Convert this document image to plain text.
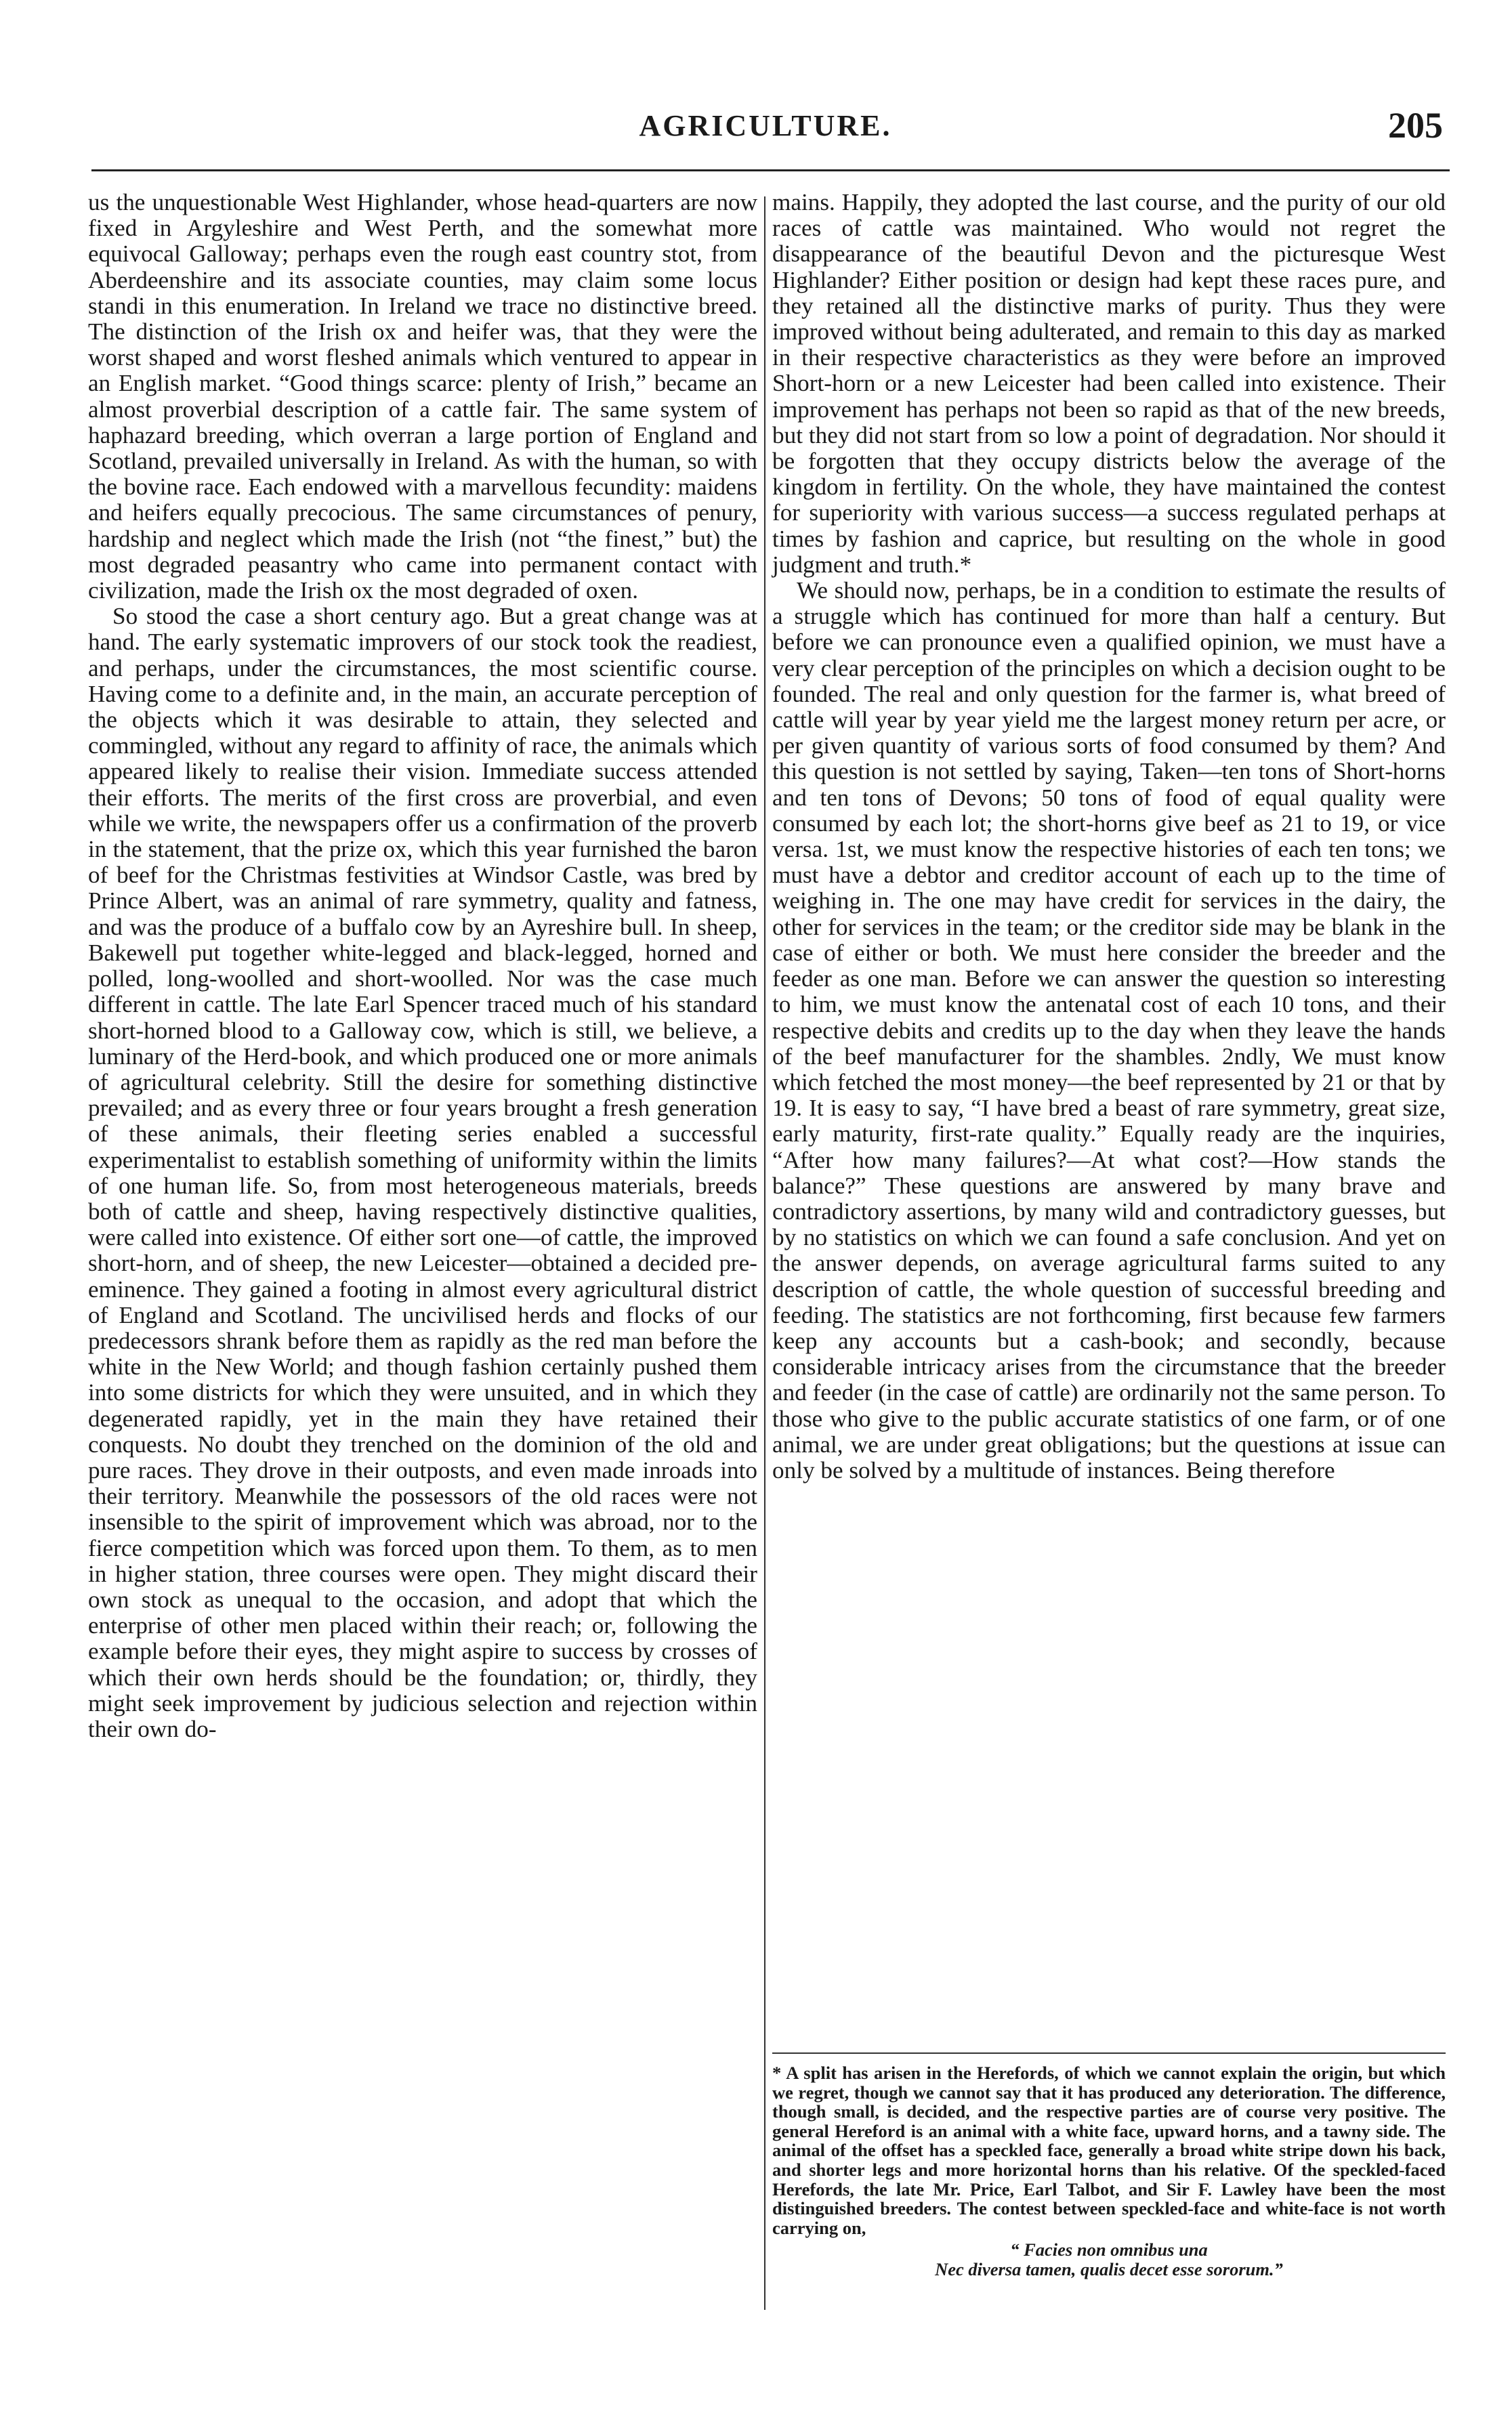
AGRICULTURE.	205

us the unquestionable West Highlander, whose head-quarters are now fixed in Argyleshire and West Perth, and the somewhat more equivocal Galloway; perhaps even the rough east country stot, from Aberdeenshire and its associate counties, may claim some locus standi in this enumeration. In Ireland we trace no distinctive breed. The distinction of the Irish ox and heifer was, that they were the worst shaped and worst fleshed animals which ventured to appear in an English market. “Good things scarce: plenty of Irish,” became an almost proverbial description of a cattle fair. The same system of haphazard breeding, which overran a large portion of England and Scotland, prevailed universally in Ireland. As with the human, so with the bovine race. Each endowed with a marvellous fecundity: maidens and heifers equally precocious. The same circumstances of penury, hardship and neglect which made the Irish (not “the finest,” but) the most degraded peasantry who came into permanent contact with civilization, made the Irish ox the most degraded of oxen.

So stood the case a short century ago. But a great change was at hand. The early systematic improvers of our stock took the readiest, and perhaps, under the circumstances, the most scientific course. Having come to a definite and, in the main, an accurate perception of the objects which it was desirable to attain, they selected and commingled, without any regard to affinity of race, the animals which appeared likely to realise their vision. Immediate success attended their efforts. The merits of the first cross are proverbial, and even while we write, the newspapers offer us a confirmation of the proverb in the statement, that the prize ox, which this year furnished the baron of beef for the Christmas festivities at Windsor Castle, was bred by Prince Albert, was an animal of rare symmetry, quality and fatness, and was the produce of a buffalo cow by an Ayreshire bull. In sheep, Bakewell put together white-legged and black-legged, horned and polled, long-woolled and short-woolled. Nor was the case much different in cattle. The late Earl Spencer traced much of his standard short-horned blood to a Galloway cow, which is still, we believe, a luminary of the Herd-book, and which produced one or more animals of agricultural celebrity. Still the desire for something distinctive prevailed; and as every three or four years brought a fresh generation of these animals, their fleeting series enabled a successful experimentalist to establish something of uniformity within the limits of one human life. So, from most heterogeneous materials, breeds both of cattle and sheep, having respectively distinctive qualities, were called into existence. Of either sort one—of cattle, the improved short-horn, and of sheep, the new Leicester—obtained a decided pre-eminence. They gained a footing in almost every agricultural district of England and Scotland. The uncivilised herds and flocks of our predecessors shrank before them as rapidly as the red man before the white in the New World; and though fashion certainly pushed them into some districts for which they were unsuited, and in which they degenerated rapidly, yet in the main they have retained their conquests. No doubt they trenched on the dominion of the old and pure races. They drove in their outposts, and even made inroads into their territory. Meanwhile the possessors of the old races were not insensible to the spirit of improvement which was abroad, nor to the fierce competition which was forced upon them. To them, as to men in higher station, three courses were open. They might discard their own stock as unequal to the occasion, and adopt that which the enterprise of other men placed within their reach; or, following the example before their eyes, they might aspire to success by crosses of which their own herds should be the foundation; or, thirdly, they might seek improvement by judicious selection and rejection within their own do-

mains. Happily, they adopted the last course, and the purity of our old races of cattle was maintained. Who would not regret the disappearance of the beautiful Devon and the picturesque West Highlander? Either position or design had kept these races pure, and they retained all the distinctive marks of purity. Thus they were improved without being adulterated, and remain to this day as marked in their respective characteristics as they were before an improved Short-horn or a new Leicester had been called into existence. Their improvement has perhaps not been so rapid as that of the new breeds, but they did not start from so low a point of degradation. Nor should it be forgotten that they occupy districts below the average of the kingdom in fertility. On the whole, they have maintained the contest for superiority with various success—a success regulated perhaps at times by fashion and caprice, but resulting on the whole in good judgment and truth.*

We should now, perhaps, be in a condition to estimate the results of a struggle which has continued for more than half a century. But before we can pronounce even a qualified opinion, we must have a very clear perception of the principles on which a decision ought to be founded. The real and only question for the farmer is, what breed of cattle will year by year yield me the largest money return per acre, or per given quantity of various sorts of food consumed by them? And this question is not settled by saying, Taken—ten tons of Short-horns and ten tons of Devons; 50 tons of food of equal quality were consumed by each lot; the short-horns give beef as 21 to 19, or vice versa. 1st, we must know the respective histories of each ten tons; we must have a debtor and creditor account of each up to the time of weighing in. The one may have credit for services in the dairy, the other for services in the team; or the creditor side may be blank in the case of either or both. We must here consider the breeder and the feeder as one man. Before we can answer the question so interesting to him, we must know the antenatal cost of each 10 tons, and their respective debits and credits up to the day when they leave the hands of the beef manufacturer for the shambles. 2ndly, We must know which fetched the most money—the beef represented by 21 or that by 19. It is easy to say, “I have bred a beast of rare symmetry, great size, early maturity, first-rate quality.” Equally ready are the inquiries, “After how many failures?—At what cost?—How stands the balance?” These questions are answered by many brave and contradictory assertions, by many wild and contradictory guesses, but by no statistics on which we can found a safe conclusion. And yet on the answer depends, on average agricultural farms suited to any description of cattle, the whole question of successful breeding and feeding. The statistics are not forthcoming, first because few farmers keep any accounts but a cash-book; and secondly, because considerable intricacy arises from the circumstance that the breeder and feeder (in the case of cattle) are ordinarily not the same person. To those who give to the public accurate statistics of one farm, or of one animal, we are under great obligations; but the questions at issue can only be solved by a multitude of instances. Being therefore

* A split has arisen in the Herefords, of which we cannot explain the origin, but which we regret, though we cannot say that it has produced any deterioration. The difference, though small, is decided, and the respective parties are of course very positive. The general Hereford is an animal with a white face, upward horns, and a tawny side. The animal of the offset has a speckled face, generally a broad white stripe down his back, and shorter legs and more horizontal horns than his relative. Of the speckled-faced Herefords, the late Mr. Price, Earl Talbot, and Sir F. Lawley have been the most distinguished breeders. The contest between speckled-face and white-face is not worth carrying on,

“ Facies non omnibus una
Nec diversa tamen, qualis decet esse sororum.”
